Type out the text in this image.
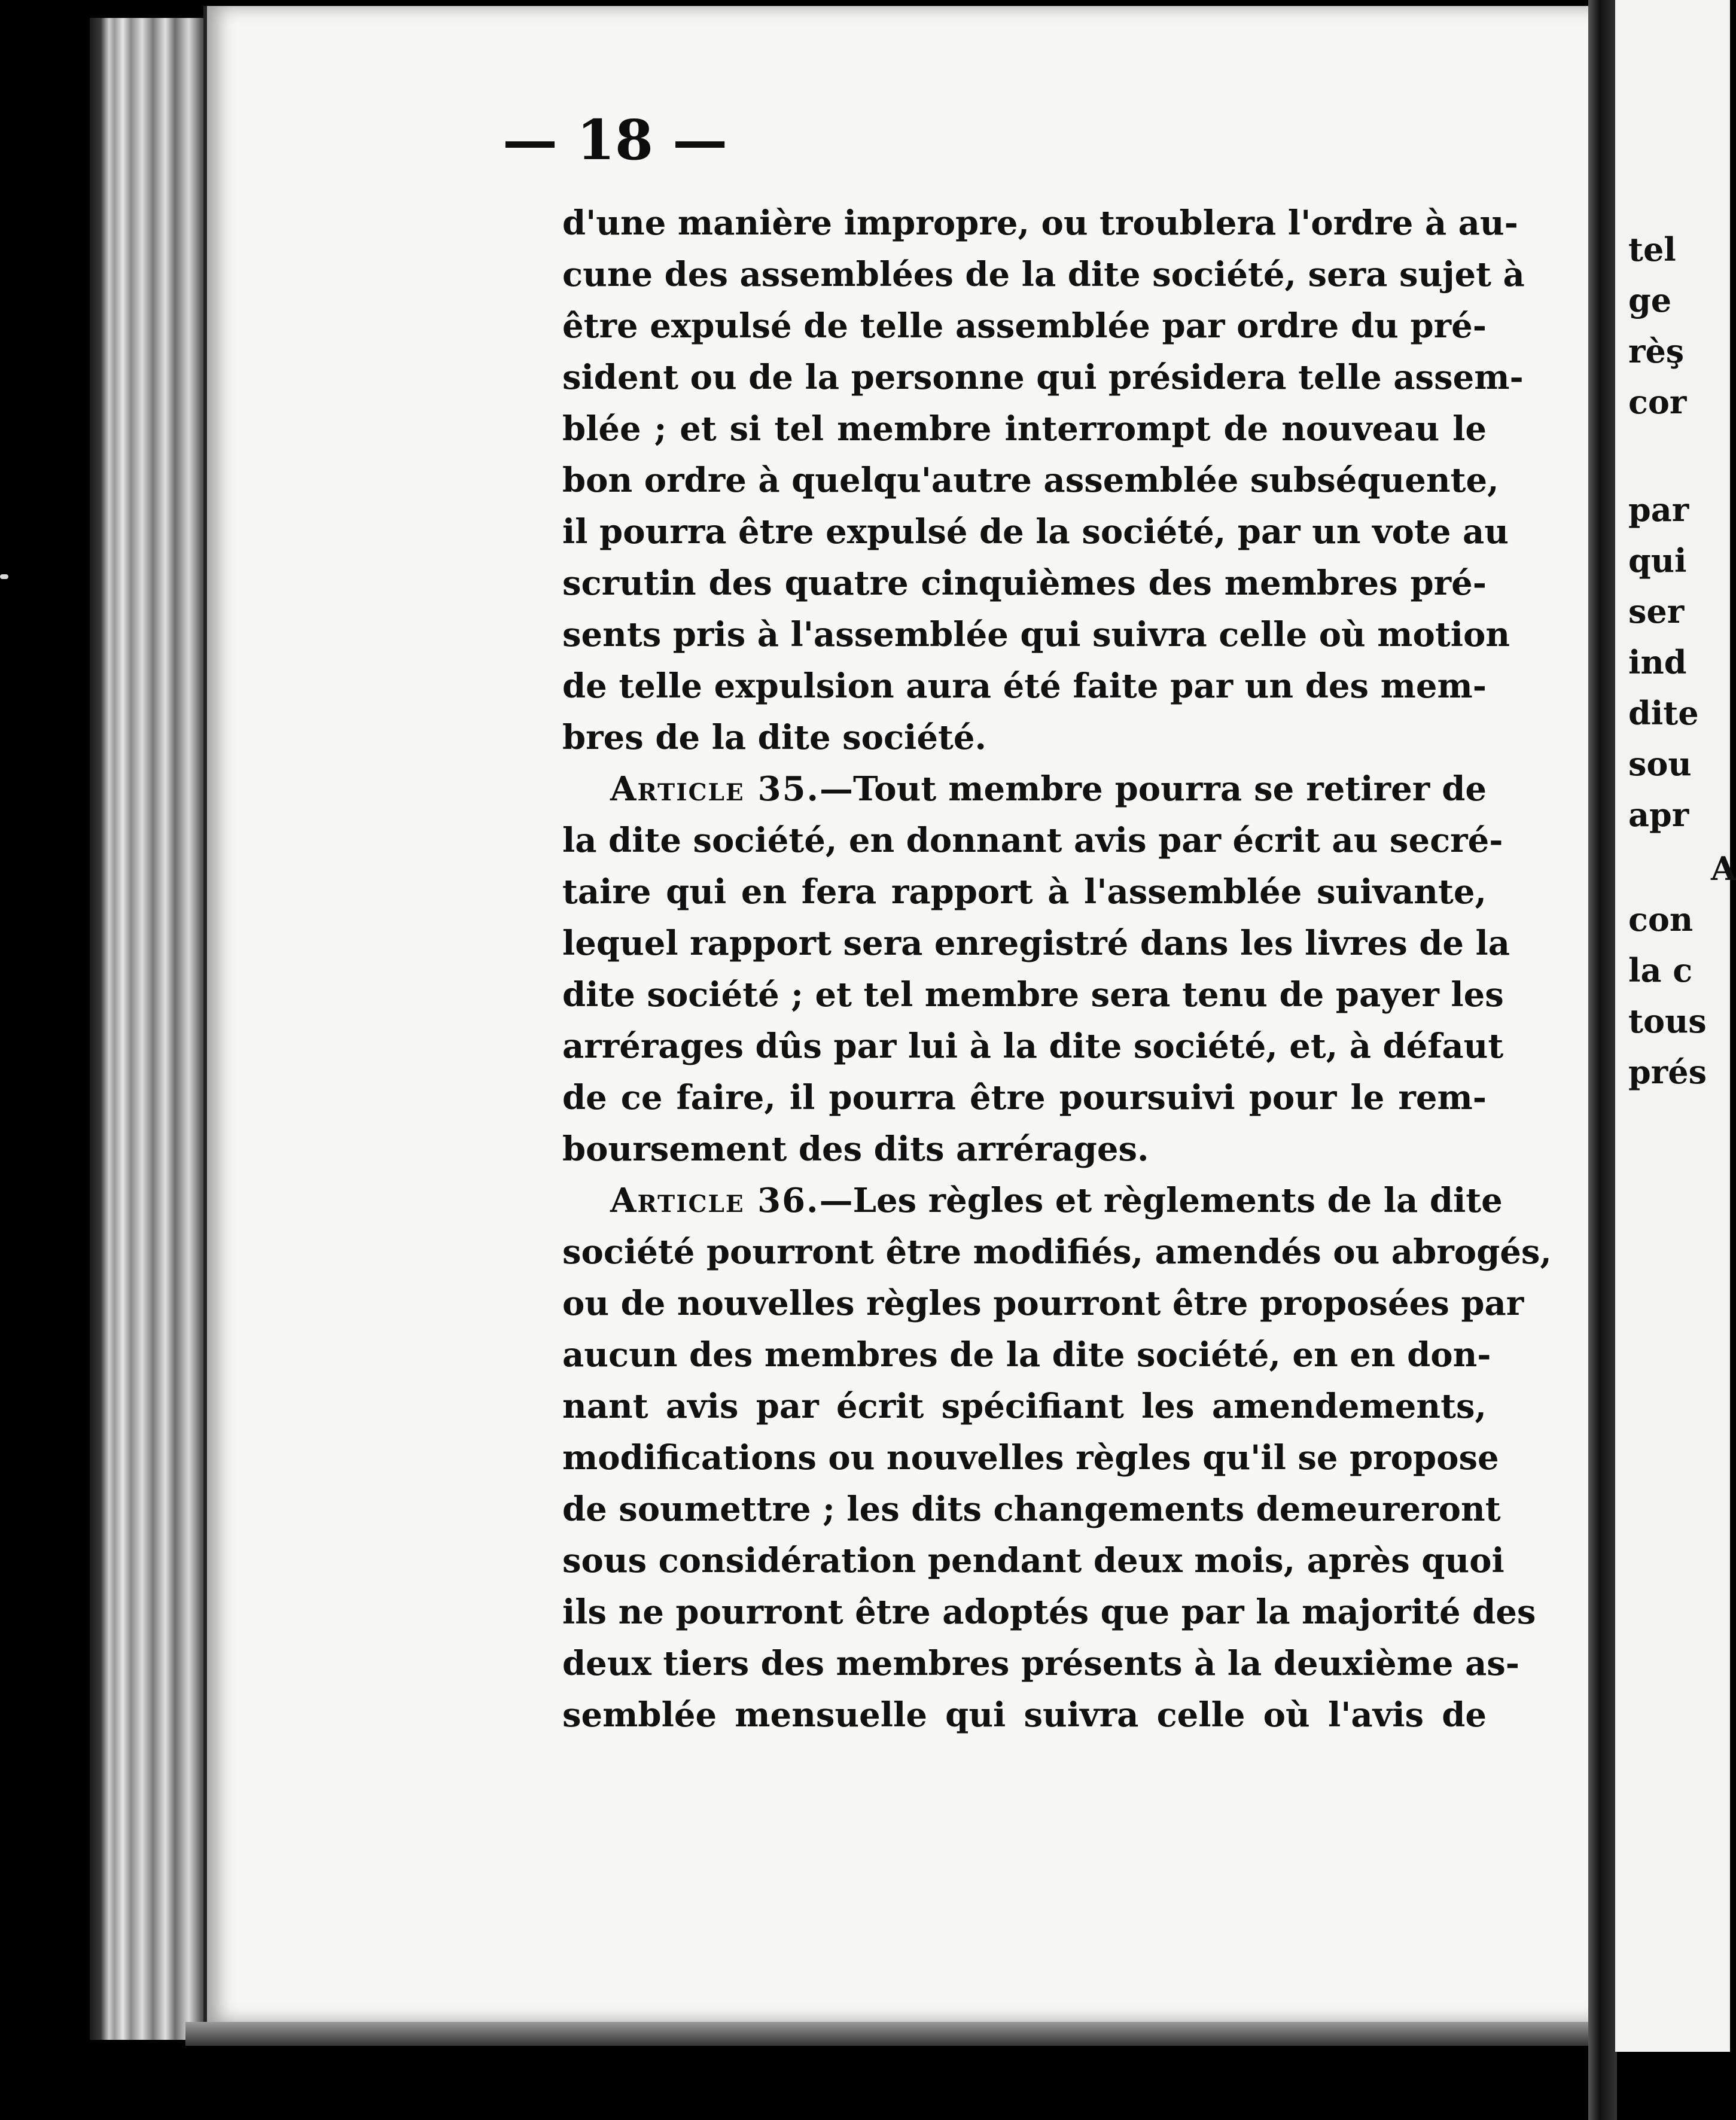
— 18 —
d'une manière impropre, ou troublera l'ordre à au-
cune des assemblées de la dite société, sera sujet à
être expulsé de telle assemblée par ordre du pré-
sident ou de la personne qui présidera telle assem-
blée ; et si tel membre interrompt de nouveau le
bon ordre à quelqu'autre assemblée subséquente,
il pourra être expulsé de la société, par un vote au
scrutin des quatre cinquièmes des membres pré-
sents pris à l'assemblée qui suivra celle où motion
de telle expulsion aura été faite par un des mem-
bres de la dite société.
Article 35.—Tout membre pourra se retirer de
la dite société, en donnant avis par écrit au secré-
taire qui en fera rapport à l'assemblée suivante,
lequel rapport sera enregistré dans les livres de la
dite société ; et tel membre sera tenu de payer les
arrérages dûs par lui à la dite société, et, à défaut
de ce faire, il pourra être poursuivi pour le rem-
boursement des dits arrérages.
Article 36.—Les règles et règlements de la dite
société pourront être modifiés, amendés ou abrogés,
ou de nouvelles règles pourront être proposées par
aucun des membres de la dite société, en en don-
nant avis par écrit spécifiant les amendements,
modifications ou nouvelles règles qu'il se propose
de soumettre ; les dits changements demeureront
sous considération pendant deux mois, après quoi
ils ne pourront être adoptés que par la majorité des
deux tiers des membres présents à la deuxième as-
semblée mensuelle qui suivra celle où l'avis de
tel
ge
rèş
cor
par
qui
ser
ind
dite
sou
apr
A
con
la c
tous
prés
